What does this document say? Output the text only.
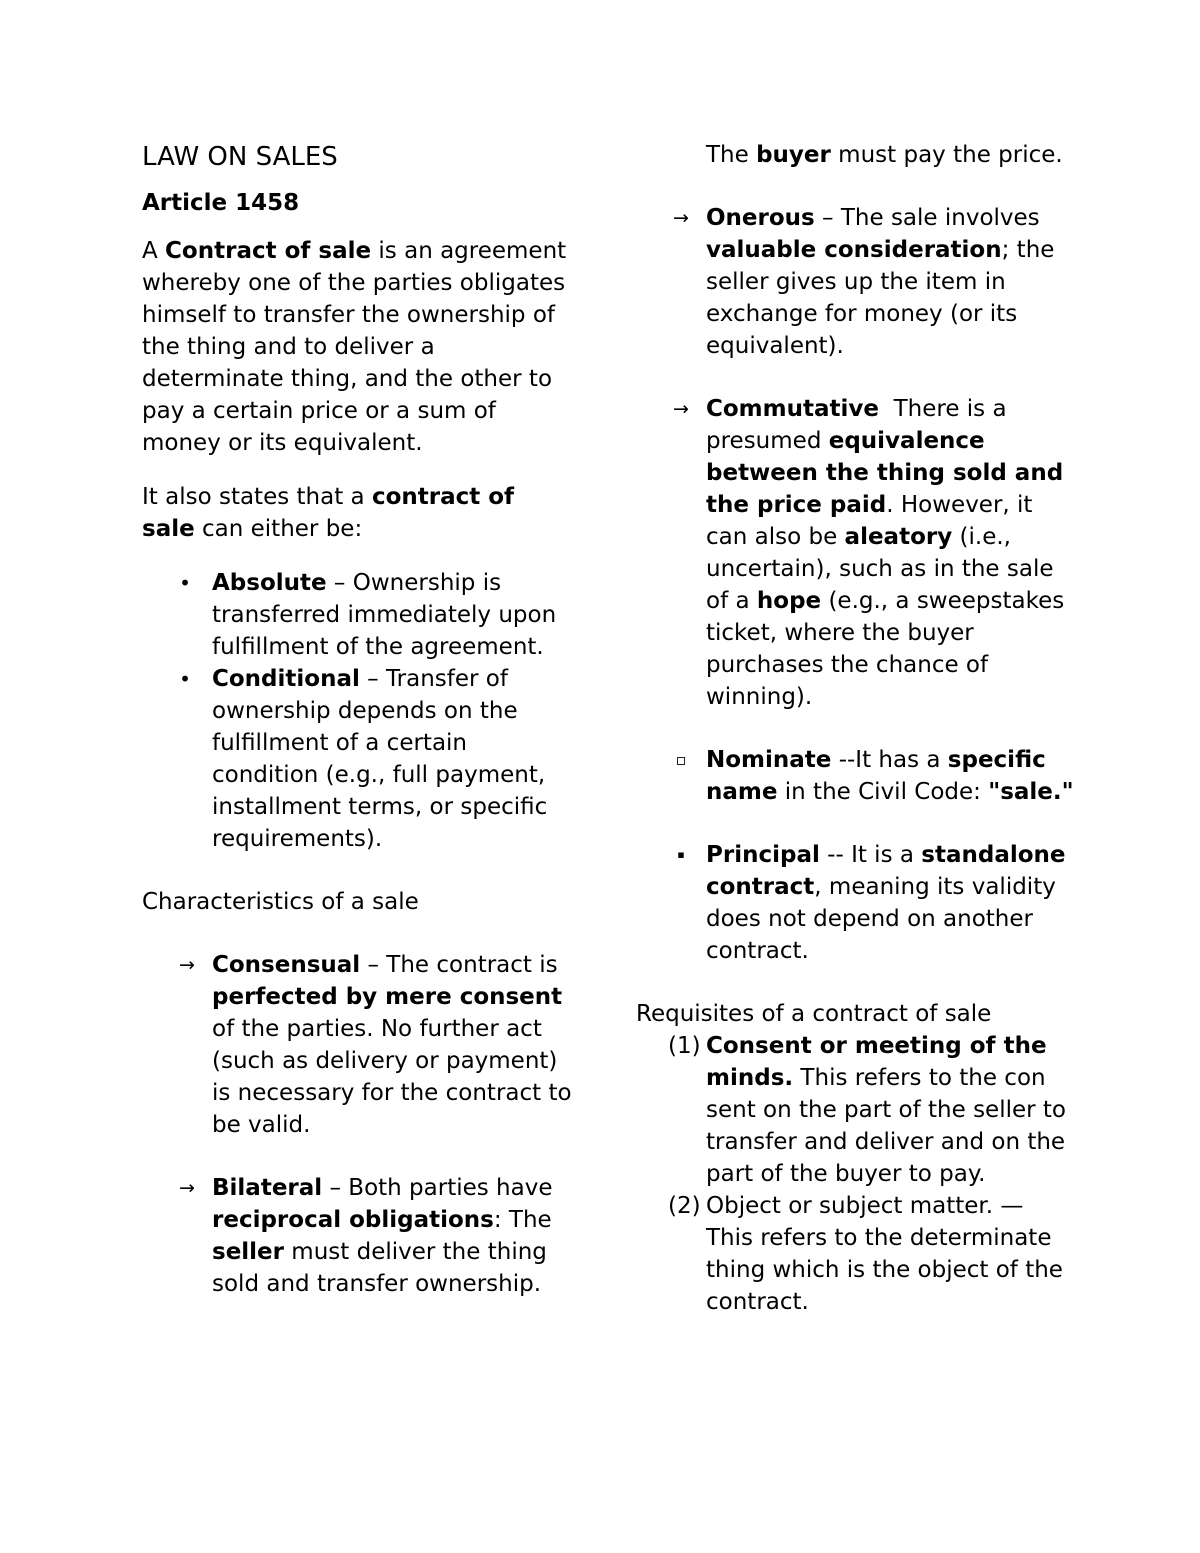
LAW ON SALES

Article 1458

A Contract of sale is an agreement whereby one of the parties obligates himself to transfer the ownership of the thing and to deliver a determinate thing, and the other to pay a certain price or a sum of money or its equivalent.

It also states that a contract of sale can either be:

• Absolute – Ownership is transferred immediately upon fulfillment of the agreement.
• Conditional – Transfer of ownership depends on the fulfillment of a certain condition (e.g., full payment, installment terms, or specific requirements).

Characteristics of a sale

→ Consensual – The contract is perfected by mere consent of the parties. No further act (such as delivery or payment) is necessary for the contract to be valid.
→ Bilateral – Both parties have reciprocal obligations: The seller must deliver the thing sold and transfer ownership.
The buyer must pay the price.
→ Onerous – The sale involves valuable consideration; the seller gives up the item in exchange for money (or its equivalent).
→ Commutative  There is a presumed equivalence between the thing sold and the price paid. However, it can also be aleatory (i.e., uncertain), such as in the sale of a hope (e.g., a sweepstakes ticket, where the buyer purchases the chance of winning).
▫ Nominate --It has a specific name in the Civil Code: "sale."
▪ Principal -- It is a standalone contract, meaning its validity does not depend on another contract.

Requisites of a contract of sale

(1) Consent or meeting of the minds. This refers to the con sent on the part of the seller to transfer and deliver and on the part of the buyer to pay.
(2) Object or subject matter. — This refers to the determinate thing which is the object of the contract.
